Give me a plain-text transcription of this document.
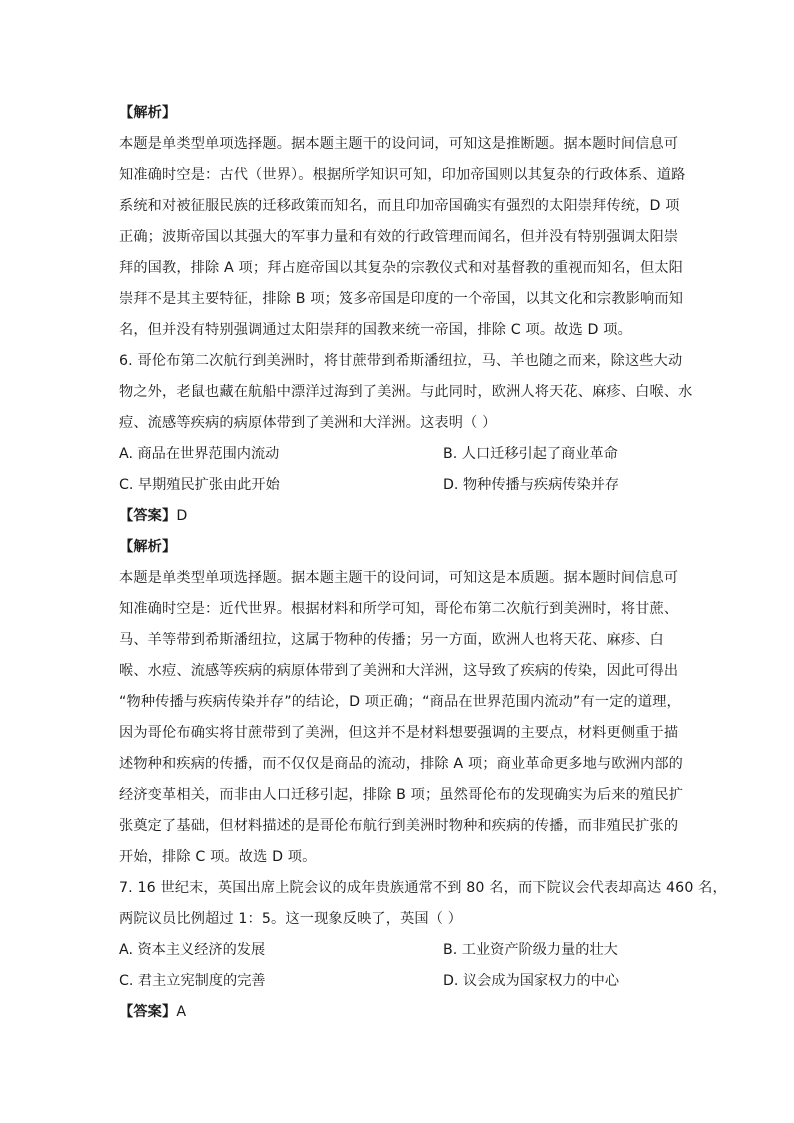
【解析】
本题是单类型单项选择题。据本题主题干的设问词，可知这是推断题。据本题时间信息可
知准确时空是：古代（世界）。根据所学知识可知，印加帝国则以其复杂的行政体系、道路
系统和对被征服民族的迁移政策而知名，而且印加帝国确实有强烈的太阳崇拜传统，D 项
正确；波斯帝国以其强大的军事力量和有效的行政管理而闻名，但并没有特别强调太阳崇
拜的国教，排除 A 项；拜占庭帝国以其复杂的宗教仪式和对基督教的重视而知名，但太阳
崇拜不是其主要特征，排除 B 项；笈多帝国是印度的一个帝国，以其文化和宗教影响而知
名，但并没有特别强调通过太阳崇拜的国教来统一帝国，排除 C 项。故选 D 项。
6. 哥伦布第二次航行到美洲时，将甘蔗带到希斯潘纽拉，马、羊也随之而来，除这些大动
物之外，老鼠也藏在航船中漂洋过海到了美洲。与此同时，欧洲人将天花、麻疹、白喉、水
痘、流感等疾病的病原体带到了美洲和大洋洲。这表明（ ）
A. 商品在世界范围内流动	B. 人口迁移引起了商业革命
C. 早期殖民扩张由此开始	D. 物种传播与疾病传染并存
【答案】D
【解析】
本题是单类型单项选择题。据本题主题干的设问词，可知这是本质题。据本题时间信息可
知准确时空是：近代世界。根据材料和所学可知，哥伦布第二次航行到美洲时，将甘蔗、
马、羊等带到希斯潘纽拉，这属于物种的传播；另一方面，欧洲人也将天花、麻疹、白
喉、水痘、流感等疾病的病原体带到了美洲和大洋洲，这导致了疾病的传染，因此可得出
“物种传播与疾病传染并存”的结论，D 项正确；“商品在世界范围内流动”有一定的道理，
因为哥伦布确实将甘蔗带到了美洲，但这并不是材料想要强调的主要点，材料更侧重于描
述物种和疾病的传播，而不仅仅是商品的流动，排除 A 项；商业革命更多地与欧洲内部的
经济变革相关，而非由人口迁移引起，排除 B 项；虽然哥伦布的发现确实为后来的殖民扩
张奠定了基础，但材料描述的是哥伦布航行到美洲时物种和疾病的传播，而非殖民扩张的
开始，排除 C 项。故选 D 项。
7. 16 世纪末，英国出席上院会议的成年贵族通常不到 80 名，而下院议会代表却高达 460 名，
两院议员比例超过 1：5。这一现象反映了，英国（ ）
A. 资本主义经济的发展	B. 工业资产阶级力量的壮大
C. 君主立宪制度的完善	D. 议会成为国家权力的中心
【答案】A
